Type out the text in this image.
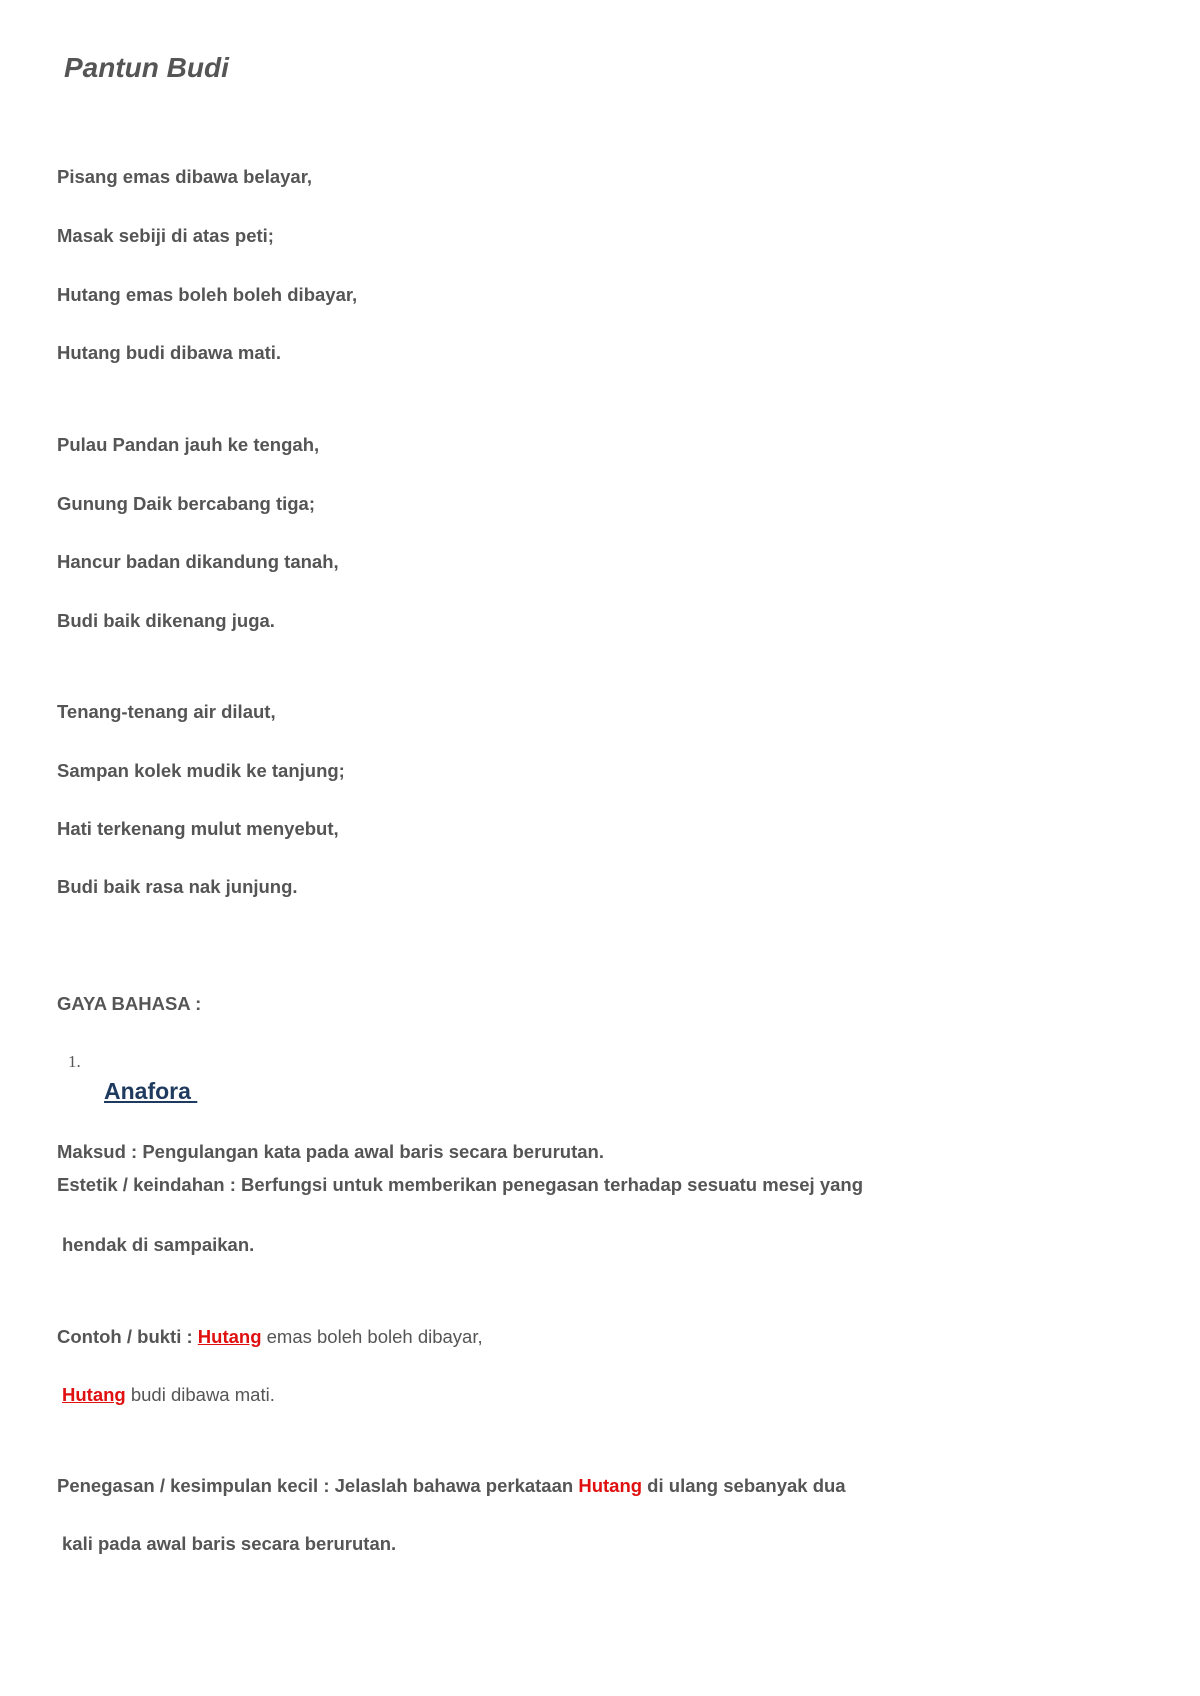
Pantun Budi

Pisang emas dibawa belayar,

Masak sebiji di atas peti;

Hutang emas boleh boleh dibayar,

Hutang budi dibawa mati.

Pulau Pandan jauh ke tengah,

Gunung Daik bercabang tiga;

Hancur badan dikandung tanah,

Budi baik dikenang juga.

Tenang-tenang air dilaut,

Sampan kolek mudik ke tanjung;

Hati terkenang mulut menyebut,

Budi baik rasa nak junjung.

GAYA BAHASA :

1.
Anafora

Maksud : Pengulangan kata pada awal baris secara berurutan.

Estetik / keindahan : Berfungsi untuk memberikan penegasan terhadap sesuatu mesej yang

hendak di sampaikan.

Contoh / bukti : Hutang emas boleh boleh dibayar,

Hutang budi dibawa mati.

Penegasan / kesimpulan kecil : Jelaslah bahawa perkataan Hutang di ulang sebanyak dua

kali pada awal baris secara berurutan.
